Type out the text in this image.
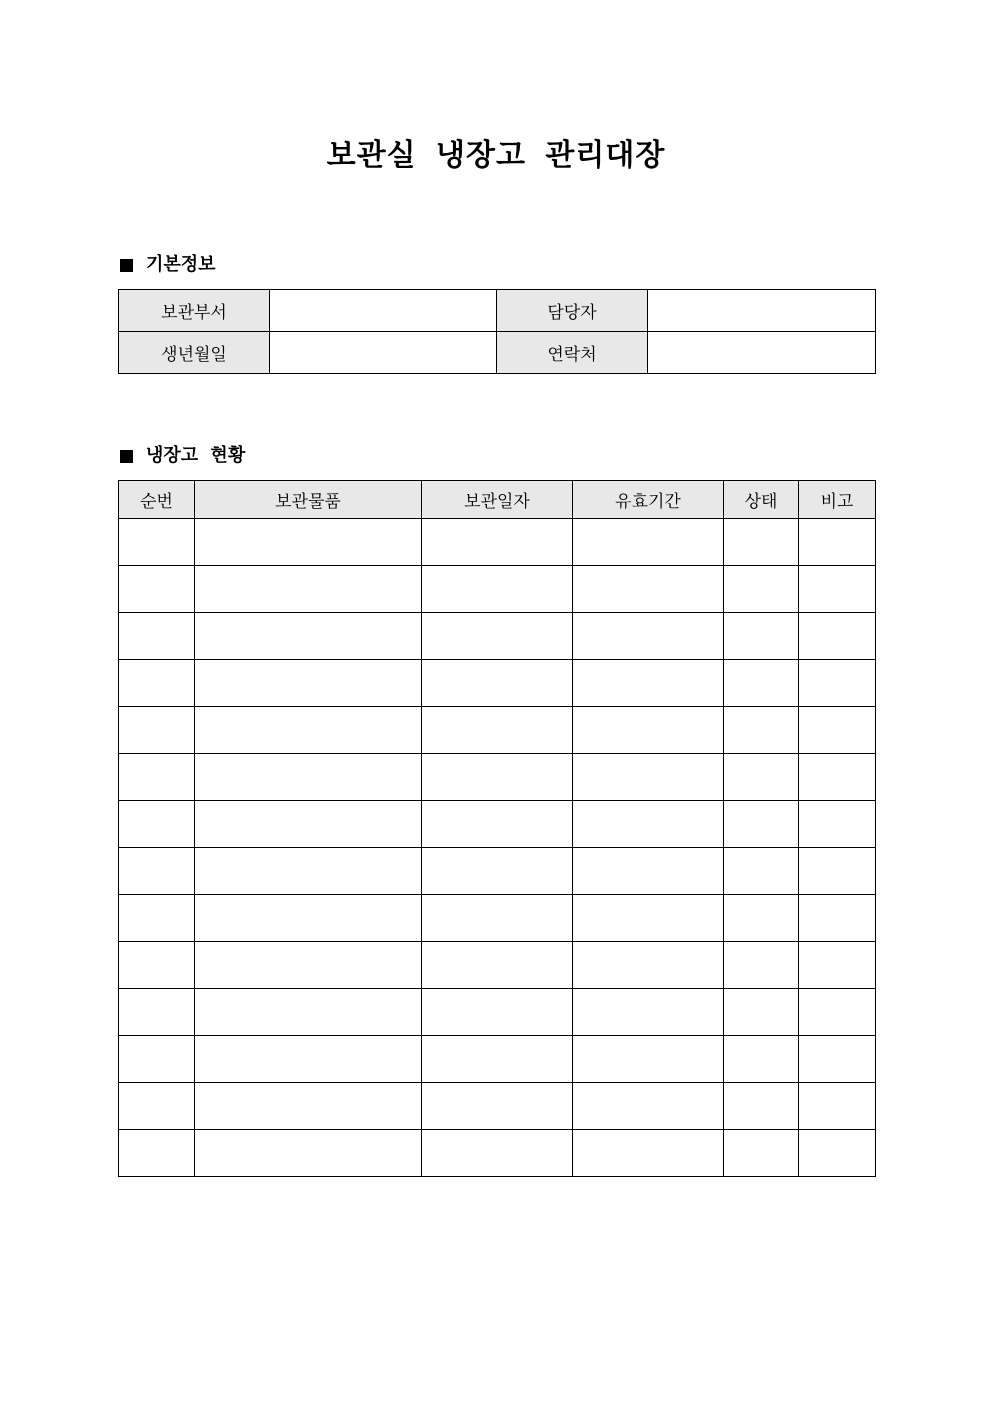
보관실 냉장고 관리대장
기본정보
보관부서		담당자	
생년월일		연락처	
냉장고 현황
순번	보관물품	보관일자	유효기간	상태	비고
